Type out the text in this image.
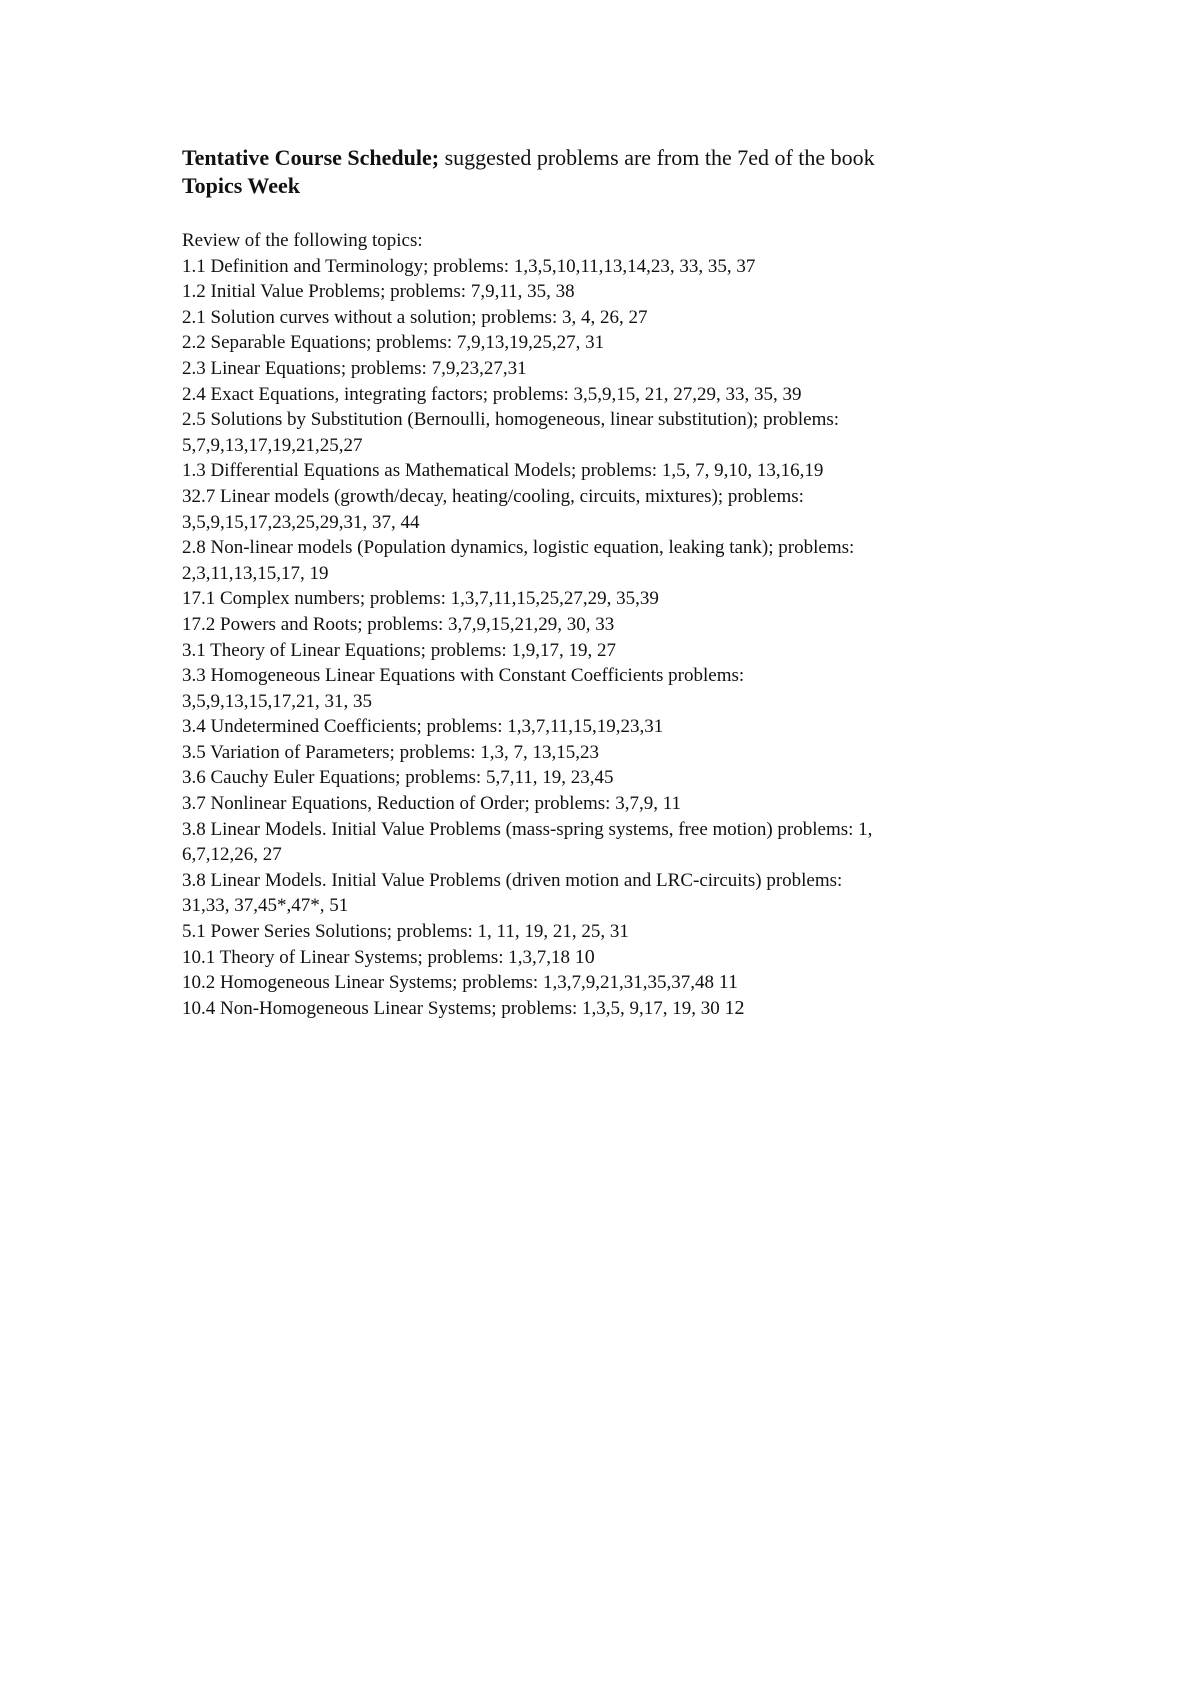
Tentative Course Schedule; suggested problems are from the 7ed of the book

Topics Week

Review of the following topics:

1.1 Definition and Terminology; problems: 1,3,5,10,11,13,14,23, 33, 35, 37

1.2 Initial Value Problems; problems: 7,9,11, 35, 38

2.1 Solution curves without a solution; problems: 3, 4, 26, 27

2.2 Separable Equations; problems: 7,9,13,19,25,27, 31

2.3 Linear Equations; problems: 7,9,23,27,31

2.4 Exact Equations, integrating factors; problems: 3,5,9,15, 21, 27,29, 33, 35, 39

2.5 Solutions by Substitution (Bernoulli, homogeneous, linear substitution); problems:

5,7,9,13,17,19,21,25,27

1.3 Differential Equations as Mathematical Models; problems: 1,5, 7, 9,10, 13,16,19

32.7 Linear models (growth/decay, heating/cooling, circuits, mixtures); problems:

3,5,9,15,17,23,25,29,31, 37, 44

2.8 Non-linear models (Population dynamics, logistic equation, leaking tank); problems:

2,3,11,13,15,17, 19

17.1 Complex numbers; problems: 1,3,7,11,15,25,27,29, 35,39

17.2 Powers and Roots; problems: 3,7,9,15,21,29, 30, 33

3.1 Theory of Linear Equations; problems: 1,9,17, 19, 27

3.3 Homogeneous Linear Equations with Constant Coefficients problems:

3,5,9,13,15,17,21, 31, 35

3.4 Undetermined Coefficients; problems: 1,3,7,11,15,19,23,31

3.5 Variation of Parameters; problems: 1,3, 7, 13,15,23

3.6 Cauchy Euler Equations; problems: 5,7,11, 19, 23,45

3.7 Nonlinear Equations, Reduction of Order; problems: 3,7,9, 11

3.8 Linear Models. Initial Value Problems (mass-spring systems, free motion) problems: 1,

6,7,12,26, 27

3.8 Linear Models. Initial Value Problems (driven motion and LRC-circuits) problems:

31,33, 37,45*,47*, 51

5.1 Power Series Solutions; problems: 1, 11, 19, 21, 25, 31

10.1 Theory of Linear Systems; problems: 1,3,7,18 10

10.2 Homogeneous Linear Systems; problems: 1,3,7,9,21,31,35,37,48 11

10.4 Non-Homogeneous Linear Systems; problems: 1,3,5, 9,17, 19, 30 12
